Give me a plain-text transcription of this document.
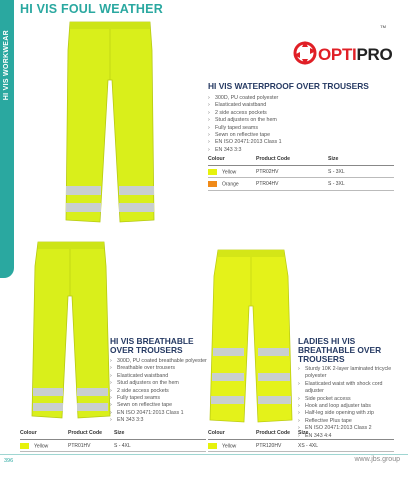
HI VIS WORKWEAR
HI VIS FOUL WEATHER
OPTIPRO
TM
HI VIS WATERPROOF OVER TROUSERS
› 300D, PU coated polyester
› Elasticated waistband
› 2 side access pockets
› Stud adjusters on the hem
› Fully taped seams
› Sewn on reflective tape
› EN ISO 20471:2013 Class 1
› EN 343 3:3
Colour	Product Code	Size
Yellow	PTR02HV	S - 3XL
Orange	PTR04HV	S - 3XL
HI VIS BREATHABLE
OVER TROUSERS
› 300D, PU coated breathable polyester
› Breathable over trousers
› Elasticated waistband
› Stud adjusters on the hem
› 2 side access pockets
› Fully taped seams
› Sewn on reflective tape
› EN ISO 20471:2013 Class 1
› EN 343 3:3
LADIES HI VIS
BREATHABLE OVER
TROUSERS
› Sturdy 10K 2-layer laminated tricycle
polyester
› Elasticated waist with shock cord
adjuster
› Side pocket access
› Hook and loop adjuster tabs
› Half-leg side opening with zip
› Reflective Plus tape
› EN ISO 20471:2013 Class 2
› EN 343 4:4
Colour	Product Code	Size
Yellow	PTR01HV	S - 4XL
Colour	Product Code	Size
Yellow	PTR120HV	XS - 4XL
396	www.jbs.group
